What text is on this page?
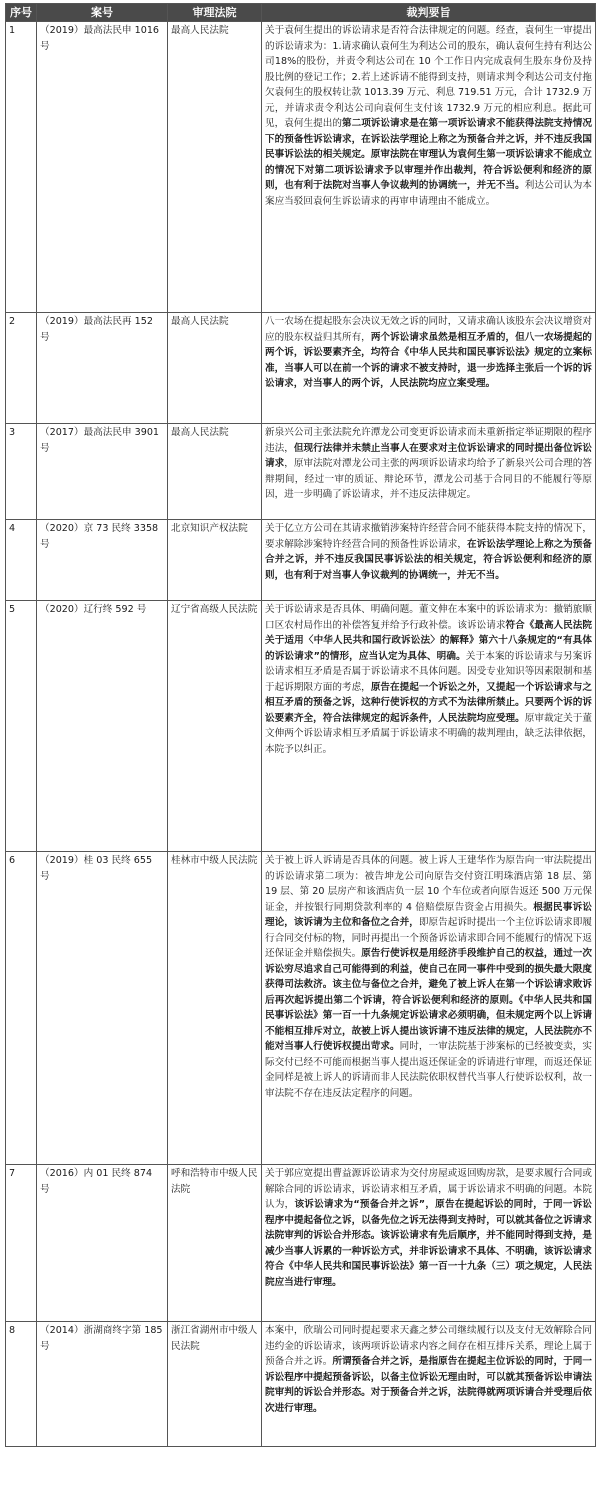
序号	案号	审理法院	裁判要旨
1	（2019）最高法民申 1016 号	最高人民法院	关于袁何生提出的诉讼请求是否符合法律规定的问题。经查，袁何生一审提出的诉讼请求为：1.请求确认袁何生为利达公司的股东，确认袁何生持有利达公司18%的股份，并责令利达公司在 10 个工作日内完成袁何生股东身份及持股比例的登记工作；2.若上述诉请不能得到支持，则请求判令利达公司支付拖欠袁何生的股权转让款 1013.39 万元、利息 719.51 万元，合计 1732.9 万元，并请求责令利达公司向袁何生支付该 1732.9 万元的相应利息。据此可见，袁何生提出的第二项诉讼请求是在第一项诉讼请求不能获得法院支持情况下的预备性诉讼请求，在诉讼法学理论上称之为预备合并之诉，并不违反我国民事诉讼法的相关规定。原审法院在审理认为袁何生第一项诉讼请求不能成立的情况下对第二项诉讼请求予以审理并作出裁判，符合诉讼便利和经济的原则，也有利于法院对当事人争议裁判的协调统一，并无不当。利达公司认为本案应当驳回袁何生诉讼请求的再审申请理由不能成立。
2	（2019）最高法民再 152 号	最高人民法院	八一农场在提起股东会决议无效之诉的同时，又请求确认该股东会决议增资对应的股东权益归其所有，两个诉讼请求虽然是相互矛盾的，但八一农场提起的两个诉，诉讼要素齐全，均符合《中华人民共和国民事诉讼法》规定的立案标准，当事人可以在前一个诉的请求不被支持时，退一步选择主张后一个诉的诉讼请求，对当事人的两个诉，人民法院均应立案受理。
3	（2017）最高法民申 3901 号	最高人民法院	新泉兴公司主张法院允许潭龙公司变更诉讼请求而未重新指定举证期限的程序违法，但现行法律并未禁止当事人在要求对主位诉讼请求的同时提出备位诉讼请求，原审法院对潭龙公司主张的两项诉讼请求均给予了新泉兴公司合理的答辩期间，经过一审的质证、辩论环节，潭龙公司基于合同目的不能履行等原因，进一步明确了诉讼请求，并不违反法律规定。
4	（2020）京 73 民终 3358 号	北京知识产权法院	关于亿立方公司在其请求撤销涉案特许经营合同不能获得本院支持的情况下，要求解除涉案特许经营合同的预备性诉讼请求，在诉讼法学理论上称之为预备合并之诉，并不违反我国民事诉讼法的相关规定，符合诉讼便利和经济的原则，也有利于对当事人争议裁判的协调统一，并无不当。
5	（2020）辽行终 592 号	辽宁省高级人民法院	关于诉讼请求是否具体、明确问题。董文伸在本案中的诉讼请求为：撤销旅顺口区农村局作出的补偿答复并给予行政补偿。该诉讼请求符合《最高人民法院关于适用〈中华人民共和国行政诉讼法〉的解释》第六十八条规定的“有具体的诉讼请求”的情形，应当认定为具体、明确。关于本案的诉讼请求与另案诉讼请求相互矛盾是否属于诉讼请求不具体问题。因受专业知识等因素限制和基于起诉期限方面的考虑，原告在提起一个诉讼之外，又提起一个诉讼请求与之相互矛盾的预备之诉，这种行使诉权的方式不为法律所禁止。只要两个诉的诉讼要素齐全，符合法律规定的起诉条件，人民法院均应受理。原审裁定关于董文伸两个诉讼请求相互矛盾属于诉讼请求不明确的裁判理由，缺乏法律依据，本院予以纠正。
6	（2019）桂 03 民终 655 号	桂林市中级人民法院	关于被上诉人诉请是否具体的问题。被上诉人王建华作为原告向一审法院提出的诉讼请求第二项为：被告坤龙公司向原告交付资江明珠酒店第 18 层、第 19 层、第 20 层房产和该酒店负一层 10 个车位或者向原告返还 500 万元保证金，并按银行同期贷款利率的 4 倍赔偿原告资金占用损失。根据民事诉讼理论，该诉请为主位和备位之合并，即原告起诉时提出一个主位诉讼请求即履行合同交付标的物，同时再提出一个预备诉讼请求即合同不能履行的情况下返还保证金并赔偿损失。原告行使诉权是用经济手段维护自己的权益，通过一次诉讼穷尽追求自己可能得到的利益，使自己在同一事件中受到的损失最大限度获得司法救济。该主位与备位之合并，避免了被上诉人在第一个诉讼请求败诉后再次起诉提出第二个诉请，符合诉讼便利和经济的原则。《中华人民共和国民事诉讼法》第一百一十九条规定诉讼请求必须明确，但未规定两个以上诉请不能相互排斥对立，故被上诉人提出该诉请不违反法律的规定，人民法院亦不能对当事人行使诉权提出苛求。同时，一审法院基于涉案标的已经被变卖，实际交付已经不可能而根据当事人提出返还保证金的诉请进行审理，而返还保证金同样是被上诉人的诉请而非人民法院依职权替代当事人行使诉讼权利，故一审法院不存在违反法定程序的问题。
7	（2016）内 01 民终 874 号	呼和浩特市中级人民法院	关于郭应宽提出曹益源诉讼请求为交付房屋或返回购房款，是要求履行合同或解除合同的诉讼请求，诉讼请求相互矛盾，属于诉讼请求不明确的问题。本院认为，该诉讼请求为“预备合并之诉”，原告在提起诉讼的同时，于同一诉讼程序中提起备位之诉，以备先位之诉无法得到支持时，可以就其备位之诉请求法院审判的诉讼合并形态。该诉讼请求有先后顺序，并不能同时得到支持，是减少当事人诉累的一种诉讼方式，并非诉讼请求不具体、不明确，该诉讼请求符合《中华人民共和国民事诉讼法》第一百一十九条（三）项之规定，人民法院应当进行审理。
8	（2014）浙湖商终字第 185 号	浙江省湖州市中级人民法院	本案中，欣瑞公司同时提起要求天鑫之梦公司继续履行以及支付无效解除合同违约金的诉讼请求，该两项诉讼请求内容之间存在相互排斥关系，理论上属于预备合并之诉。所谓预备合并之诉，是指原告在提起主位诉讼的同时，于同一诉讼程序中提起预备诉讼，以备主位诉讼无理由时，可以就其预备诉讼申请法院审判的诉讼合并形态。对于预备合并之诉，法院得就两项诉请合并受理后依次进行审理。
